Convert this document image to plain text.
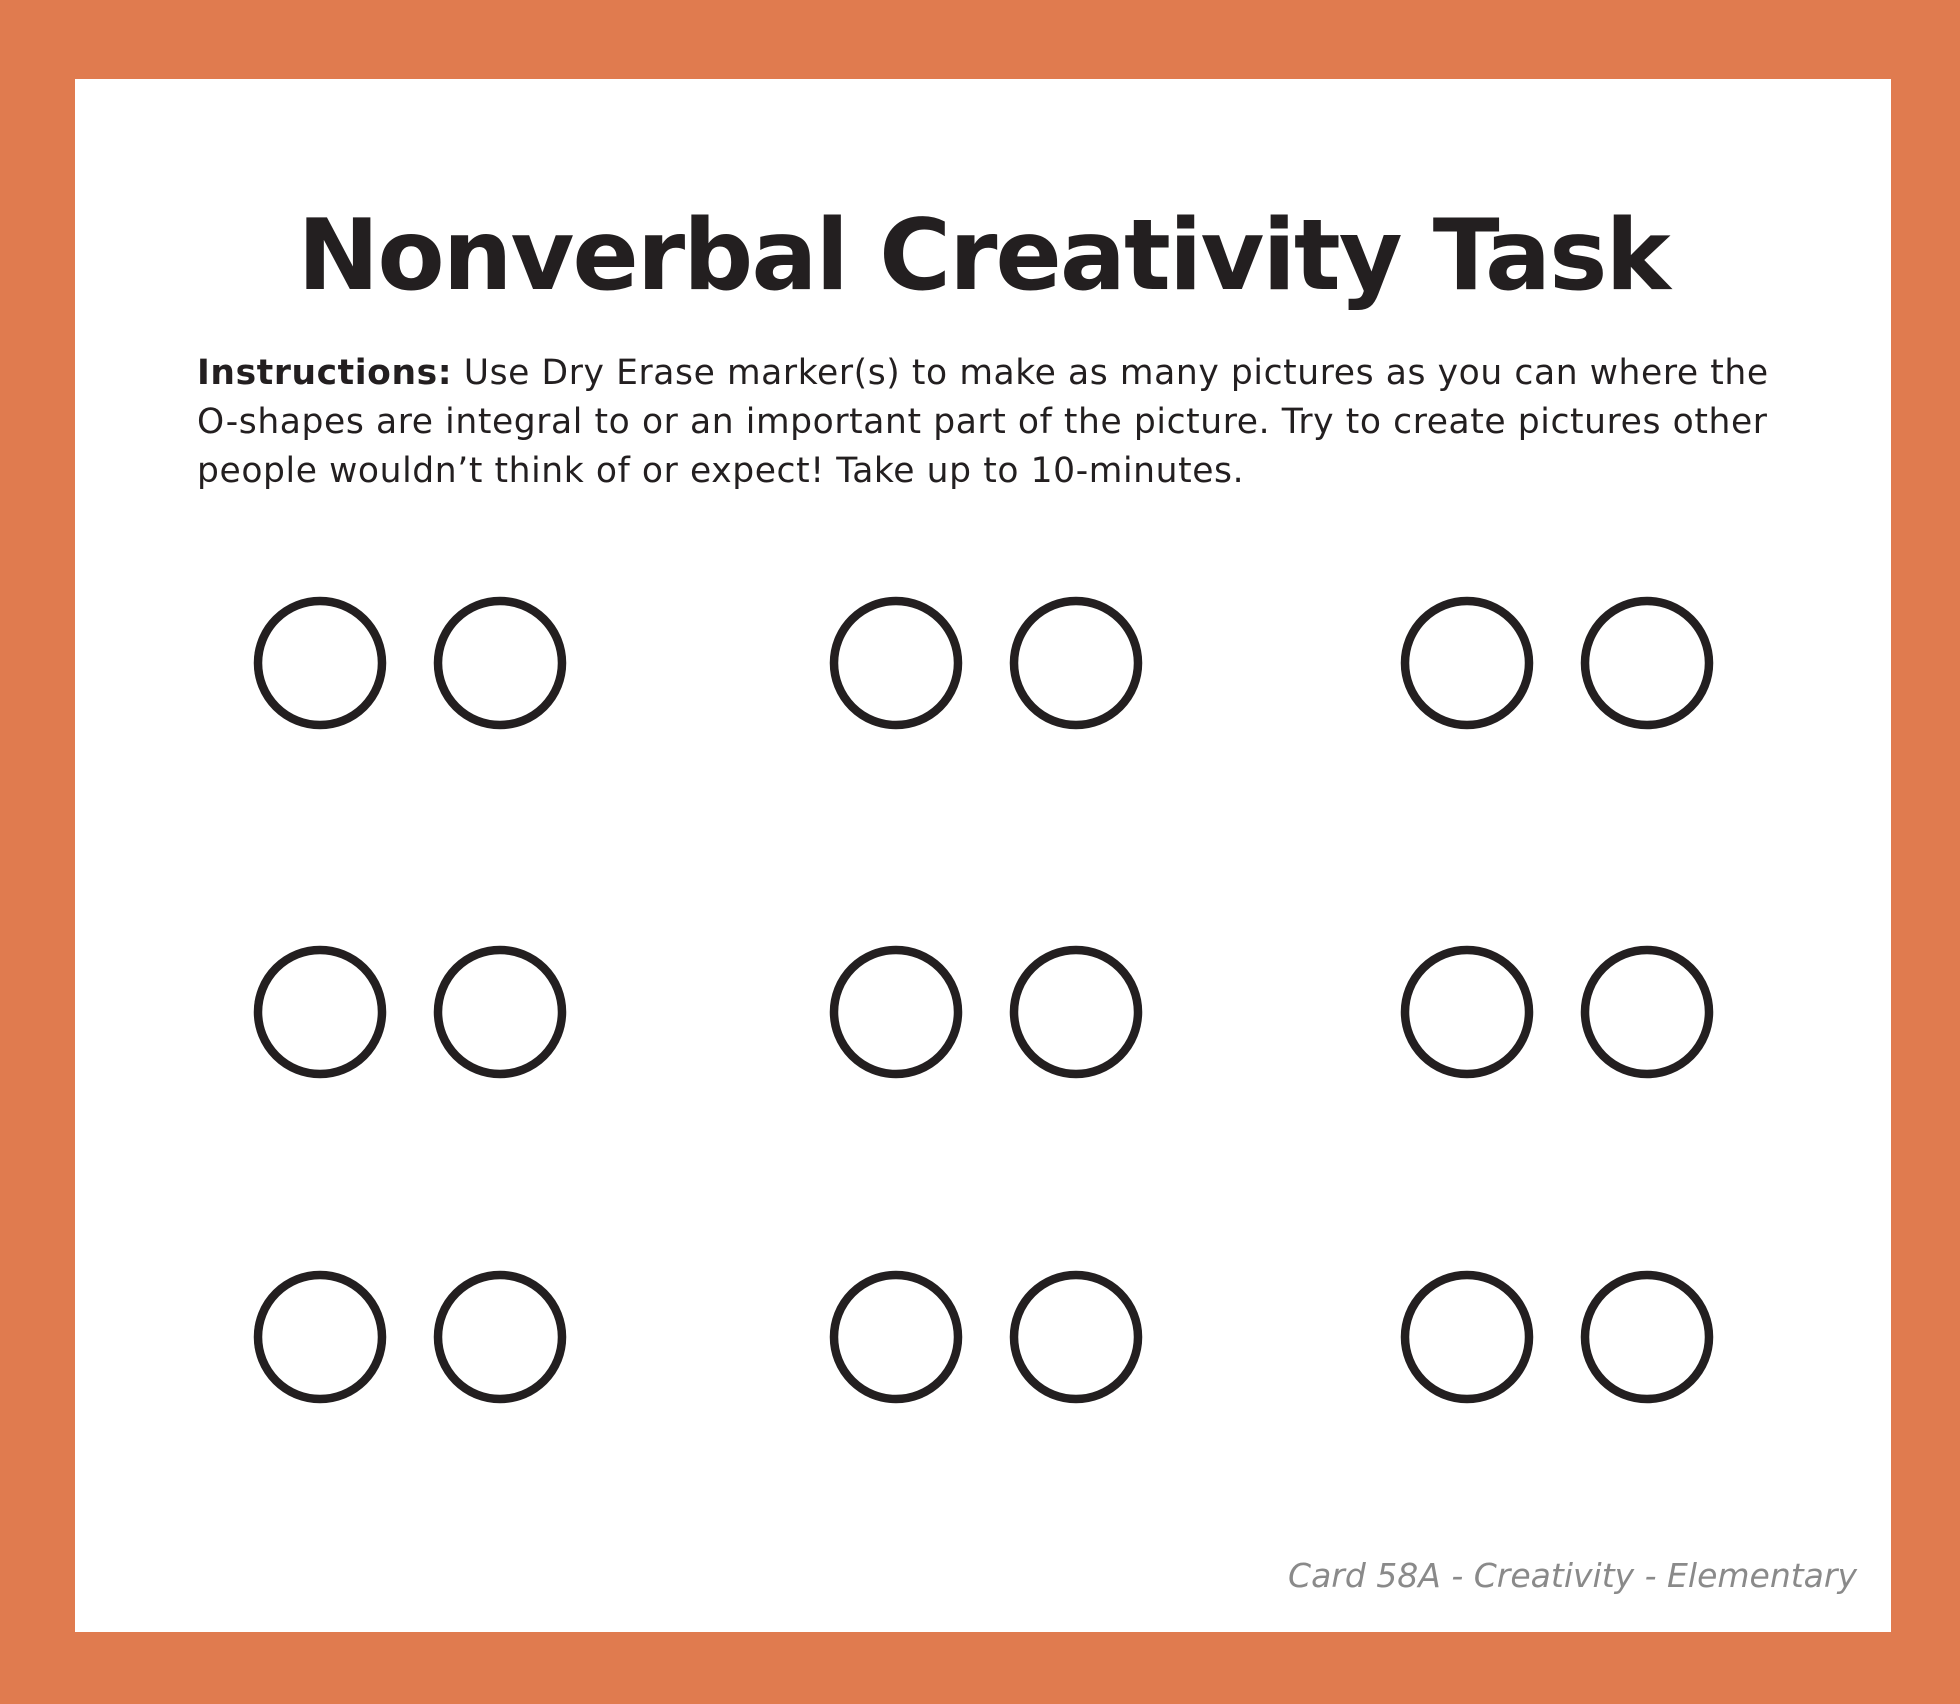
Nonverbal Creativity Task

Instructions: Use Dry Erase marker(s) to make as many pictures as you can where the
O-shapes are integral to or an important part of the picture. Try to create pictures other
people wouldn’t think of or expect! Take up to 10-minutes.

Card 58A - Creativity - Elementary
